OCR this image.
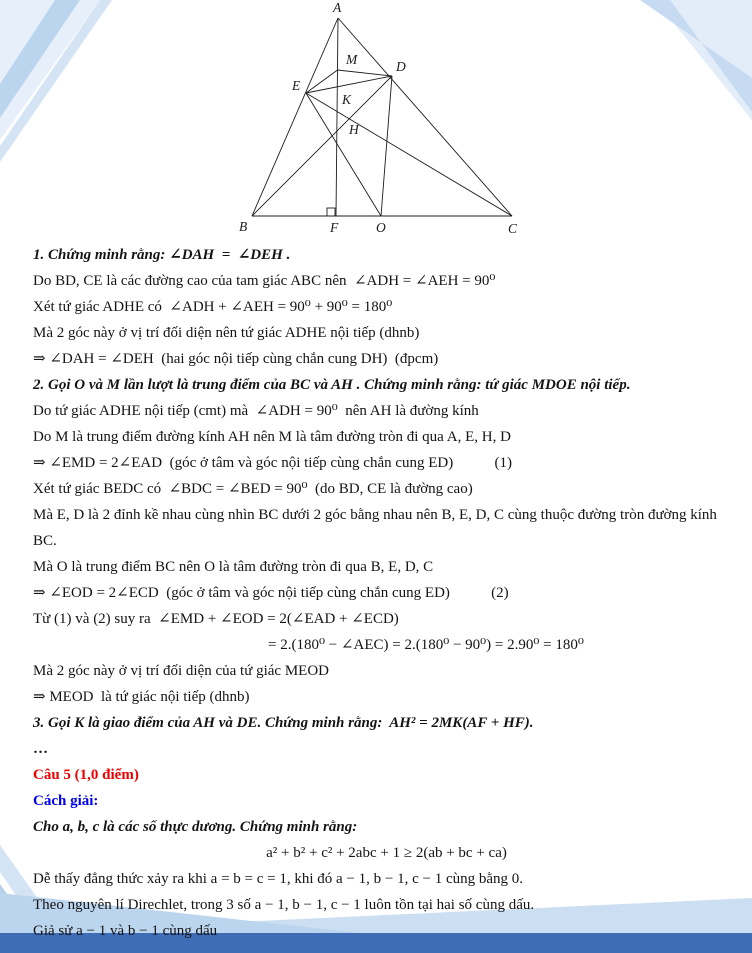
A
M	D
E
K
H
B	F	O	C
1. Chứng minh rằng: ∠DAH  =  ∠DEH .
Do BD, CE là các đường cao của tam giác ABC nên  ∠ADH = ∠AEH = 90⁰
Xét tứ giác ADHE có  ∠ADH + ∠AEH = 90⁰ + 90⁰ = 180⁰
Mà 2 góc này ở vị trí đối diện nên tứ giác ADHE nội tiếp (dhnb)
⇒ ∠DAH = ∠DEH  (hai góc nội tiếp cùng chắn cung DH)  (đpcm)
2. Gọi O và M lần lượt là trung điểm của BC và AH . Chứng minh rằng: tứ giác MDOE nội tiếp.
Do tứ giác ADHE nội tiếp (cmt) mà  ∠ADH = 90⁰  nên AH là đường kính
Do M là trung điểm đường kính AH nên M là tâm đường tròn đi qua A, E, H, D
⇒ ∠EMD = 2∠EAD  (góc ở tâm và góc nội tiếp cùng chắn cung ED)           (1)
Xét tứ giác BEDC có  ∠BDC = ∠BED = 90⁰  (do BD, CE là đường cao)
Mà E, D là 2 đỉnh kề nhau cùng nhìn BC dưới 2 góc bằng nhau nên B, E, D, C cùng thuộc đường tròn đường kính BC.
Mà O là trung điểm BC nên O là tâm đường tròn đi qua B, E, D, C
⇒ ∠EOD = 2∠ECD  (góc ở tâm và góc nội tiếp cùng chắn cung ED)           (2)
Từ (1) và (2) suy ra  ∠EMD + ∠EOD = 2(∠EAD + ∠ECD)
= 2.(180⁰ − ∠AEC) = 2.(180⁰ − 90⁰) = 2.90⁰ = 180⁰
Mà 2 góc này ở vị trí đối diện của tứ giác MEOD
⇒ MEOD  là tứ giác nội tiếp (dhnb)
3. Gọi K là giao điểm của AH và DE. Chứng minh rằng:  AH² = 2MK(AF + HF).
…
Câu 5 (1,0 điểm)
Cách giải:
Cho a, b, c là các số thực dương. Chứng minh rằng:
a² + b² + c² + 2abc + 1 ≥ 2(ab + bc + ca)
Dễ thấy đẳng thức xảy ra khi a = b = c = 1, khi đó a − 1, b − 1, c − 1 cùng bằng 0.
Theo nguyên lí Direchlet, trong 3 số a − 1, b − 1, c − 1 luôn tồn tại hai số cùng dấu.
Giả sử a − 1 và b − 1 cùng dấu
